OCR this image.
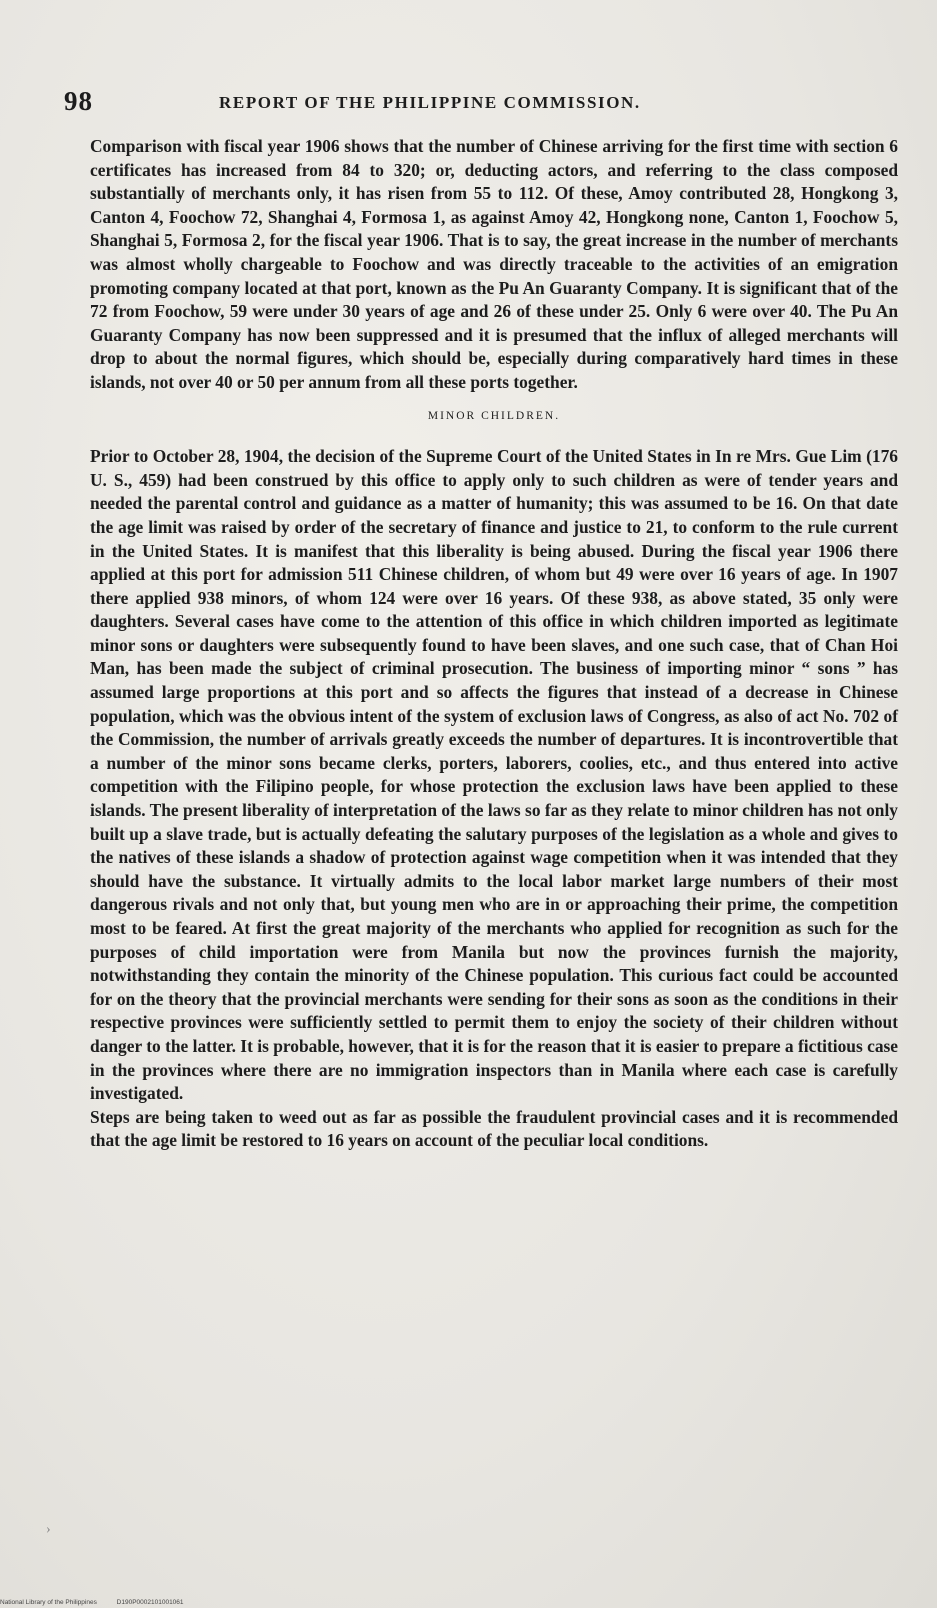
98	REPORT OF THE PHILIPPINE COMMISSION.

Comparison with fiscal year 1906 shows that the number of Chinese arriving for the first time with section 6 certificates has increased from 84 to 320; or, deducting actors, and referring to the class composed substantially of merchants only, it has risen from 55 to 112. Of these, Amoy contributed 28, Hongkong 3, Canton 4, Foochow 72, Shanghai 4, Formosa 1, as against Amoy 42, Hongkong none, Canton 1, Foochow 5, Shanghai 5, Formosa 2, for the fiscal year 1906. That is to say, the great increase in the number of merchants was almost wholly chargeable to Foochow and was directly traceable to the activities of an emigration promoting company located at that port, known as the Pu An Guaranty Company. It is significant that of the 72 from Foochow, 59 were under 30 years of age and 26 of these under 25. Only 6 were over 40. The Pu An Guaranty Company has now been suppressed and it is presumed that the influx of alleged merchants will drop to about the normal figures, which should be, especially during comparatively hard times in these islands, not over 40 or 50 per annum from all these ports together.

MINOR CHILDREN.

Prior to October 28, 1904, the decision of the Supreme Court of the United States in In re Mrs. Gue Lim (176 U. S., 459) had been construed by this office to apply only to such children as were of tender years and needed the parental control and guidance as a matter of humanity; this was assumed to be 16. On that date the age limit was raised by order of the secretary of finance and justice to 21, to conform to the rule current in the United States. It is manifest that this liberality is being abused. During the fiscal year 1906 there applied at this port for admission 511 Chinese children, of whom but 49 were over 16 years of age. In 1907 there applied 938 minors, of whom 124 were over 16 years. Of these 938, as above stated, 35 only were daughters. Several cases have come to the attention of this office in which children imported as legitimate minor sons or daughters were subsequently found to have been slaves, and one such case, that of Chan Hoi Man, has been made the subject of criminal prosecution. The business of importing minor “ sons ” has assumed large proportions at this port and so affects the figures that instead of a decrease in Chinese population, which was the obvious intent of the system of exclusion laws of Congress, as also of act No. 702 of the Commission, the number of arrivals greatly exceeds the number of departures. It is incontrovertible that a number of the minor sons became clerks, porters, laborers, coolies, etc., and thus entered into active competition with the Filipino people, for whose protection the exclusion laws have been applied to these islands. The present liberality of interpretation of the laws so far as they relate to minor children has not only built up a slave trade, but is actually defeating the salutary purposes of the legislation as a whole and gives to the natives of these islands a shadow of protection against wage competition when it was intended that they should have the substance. It virtually admits to the local labor market large numbers of their most dangerous rivals and not only that, but young men who are in or approaching their prime, the competition most to be feared. At first the great majority of the merchants who applied for recognition as such for the purposes of child importation were from Manila but now the provinces furnish the majority, notwithstanding they contain the minority of the Chinese population. This curious fact could be accounted for on the theory that the provincial merchants were sending for their sons as soon as the conditions in their respective provinces were sufficiently settled to permit them to enjoy the society of their children without danger to the latter. It is probable, however, that it is for the reason that it is easier to prepare a fictitious case in the provinces where there are no immigration inspectors than in Manila where each case is carefully investigated.

Steps are being taken to weed out as far as possible the fraudulent provincial cases and it is recommended that the age limit be restored to 16 years on account of the peculiar local conditions.

›
National Library of the Philippines	D190P0002101001061
